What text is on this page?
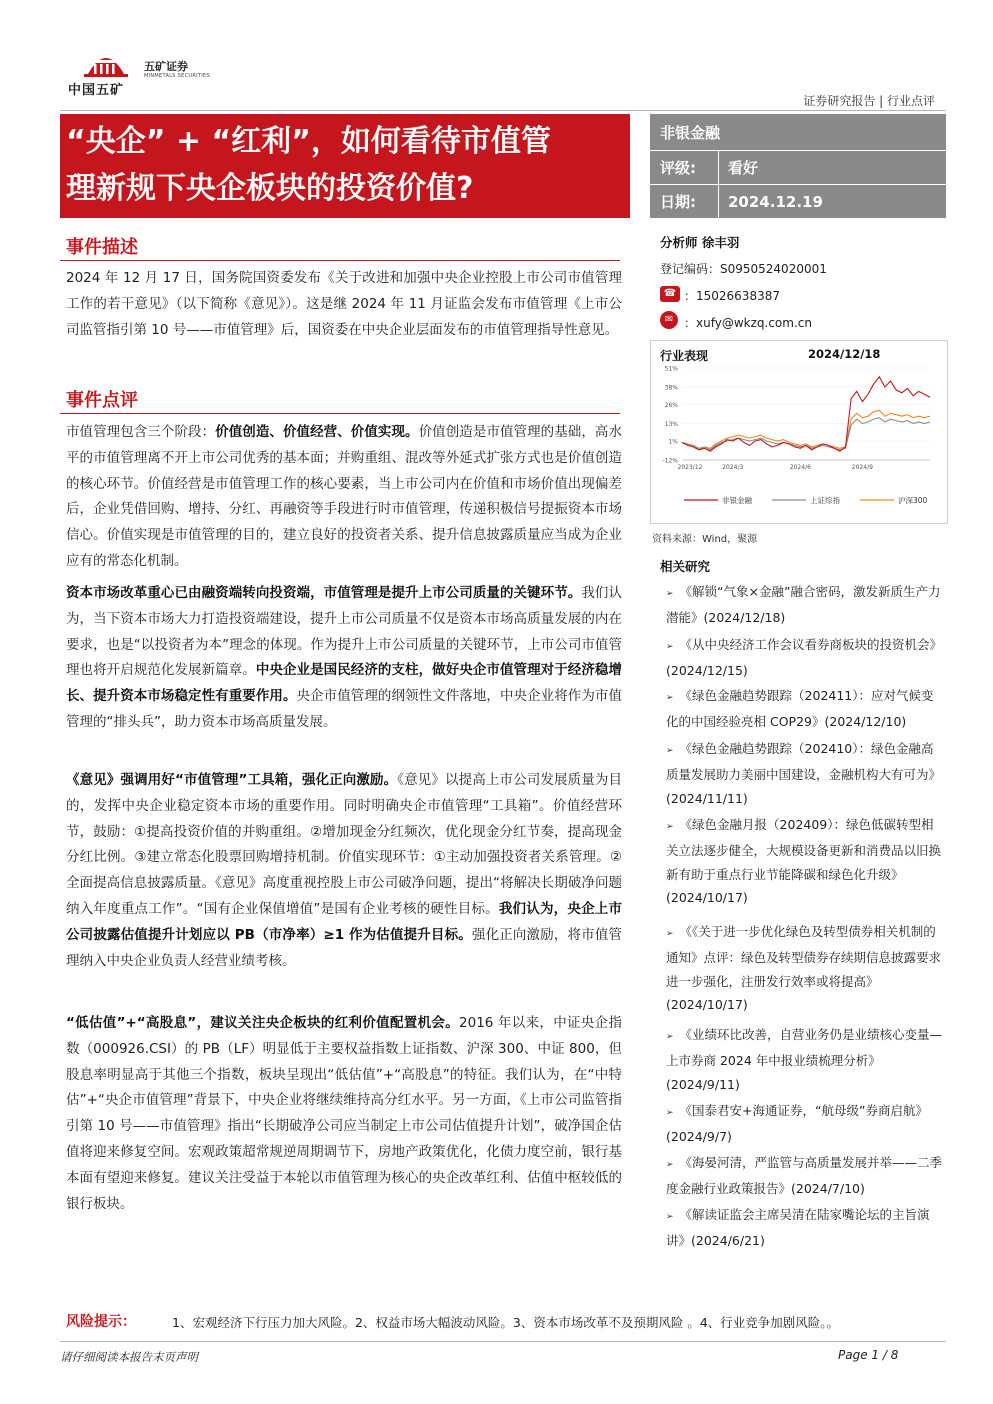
中国五矿
五矿证券
MINMETALS SECURITIES
证券研究报告 | 行业点评
“央企” + “红利”，如何看待市值管
理新规下央企板块的投资价值?
非银金融
评级: 看好
日期: 2024.12.19
事件描述
2024 年 12 月 17 日，国务院国资委发布《关于改进和加强中央企业控股上市公司市值管理工作的若干意见》（以下简称《意见》）。这是继 2024 年 11 月证监会发布市值管理《上市公司监管指引第 10 号——市值管理》后，国资委在中央企业层面发布的市值管理指导性意见。
事件点评
市值管理包含三个阶段：价值创造、价值经营、价值实现。价值创造是市值管理的基础，高水平的市值管理离不开上市公司优秀的基本面；并购重组、混改等外延式扩张方式也是价值创造的核心环节。价值经营是市值管理工作的核心要素，当上市公司内在价值和市场价值出现偏差后，企业凭借回购、增持、分红、再融资等手段进行时市值管理，传递积极信号提振资本市场信心。价值实现是市值管理的目的，建立良好的投资者关系、提升信息披露质量应当成为企业应有的常态化机制。
资本市场改革重心已由融资端转向投资端，市值管理是提升上市公司质量的关键环节。我们认为，当下资本市场大力打造投资端建设，提升上市公司质量不仅是资本市场高质量发展的内在要求，也是“以投资者为本”理念的体现。作为提升上市公司质量的关键环节，上市公司市值管理也将开启规范化发展新篇章。中央企业是国民经济的支柱，做好央企市值管理对于经济稳增长、提升资本市场稳定性有重要作用。央企市值管理的纲领性文件落地，中央企业将作为市值管理的“排头兵”，助力资本市场高质量发展。
《意见》强调用好“市值管理”工具箱，强化正向激励。《意见》以提高上市公司发展质量为目的，发挥中央企业稳定资本市场的重要作用。同时明确央企市值管理“工具箱”。价值经营环节，鼓励：①提高投资价值的并购重组。②增加现金分红频次，优化现金分红节奏，提高现金分红比例。③建立常态化股票回购增持机制。价值实现环节：①主动加强投资者关系管理。②全面提高信息披露质量。《意见》高度重视控股上市公司破净问题，提出“将解决长期破净问题纳入年度重点工作”。“国有企业保值增值”是国有企业考核的硬性目标。我们认为，央企上市公司披露估值提升计划应以 PB（市净率）≥1 作为估值提升目标。强化正向激励，将市值管理纳入中央企业负责人经营业绩考核。
“低估值”+“高股息”，建议关注央企板块的红利价值配置机会。2016 年以来，中证央企指数（000926.CSI）的 PB（LF）明显低于主要权益指数上证指数、沪深 300、中证 800，但股息率明显高于其他三个指数，板块呈现出“低估值”+“高股息”的特征。我们认为，在“中特估”+“央企市值管理”背景下，中央企业将继续维持高分红水平。另一方面，《上市公司监管指引第 10 号——市值管理》指出“长期破净公司应当制定上市公司估值提升计划”，破净国企估值将迎来修复空间。宏观政策超常规逆周期调节下，房地产政策优化，化债力度空前，银行基本面有望迎来修复。建议关注受益于本轮以市值管理为核心的央企改革红利、估值中枢较低的银行板块。
分析师 徐丰羽
登记编码：S0950524020001
☎ ：15026638387
✉ ：xufy@wkzq.com.cn
行业表现	2024/12/18
51%
38%
26%
13%
1%
-12%
2023/12	2024/3	2024/6	2024/9
非银金融	上证综指	沪深300
资料来源：Wind，聚源
相关研究
➢ 《解锁“气象×金融”融合密码，激发新质生产力潜能》(2024/12/18)
➢ 《从中央经济工作会议看券商板块的投资机会》(2024/12/15)
➢ 《绿色金融趋势跟踪（202411）：应对气候变化的中国经验亮相 COP29》(2024/12/10)
➢ 《绿色金融趋势跟踪（202410）：绿色金融高质量发展助力美丽中国建设，金融机构大有可为》(2024/11/11)
➢ 《绿色金融月报（202409）：绿色低碳转型相关立法逐步健全，大规模设备更新和消费品以旧换新有助于重点行业节能降碳和绿色化升级》(2024/10/17)
➢ 《《关于进一步优化绿色及转型债券相关机制的通知》点评：绿色及转型债券存续期信息披露要求进一步强化，注册发行效率或将提高》(2024/10/17)
➢ 《业绩环比改善，自营业务仍是业绩核心变量—上市券商 2024 年中报业绩梳理分析》(2024/9/11)
➢ 《国泰君安+海通证券，“航母级”券商启航》(2024/9/7)
➢ 《海晏河清，严监管与高质量发展并举——二季度金融行业政策报告》(2024/7/10)
➢ 《解读证监会主席吴清在陆家嘴论坛的主旨演讲》(2024/6/21)
风险提示：	1、宏观经济下行压力加大风险。2、权益市场大幅波动风险。3、资本市场改革不及预期风险 。4、行业竞争加剧风险。。
请仔细阅读本报告末页声明	Page 1 / 8
